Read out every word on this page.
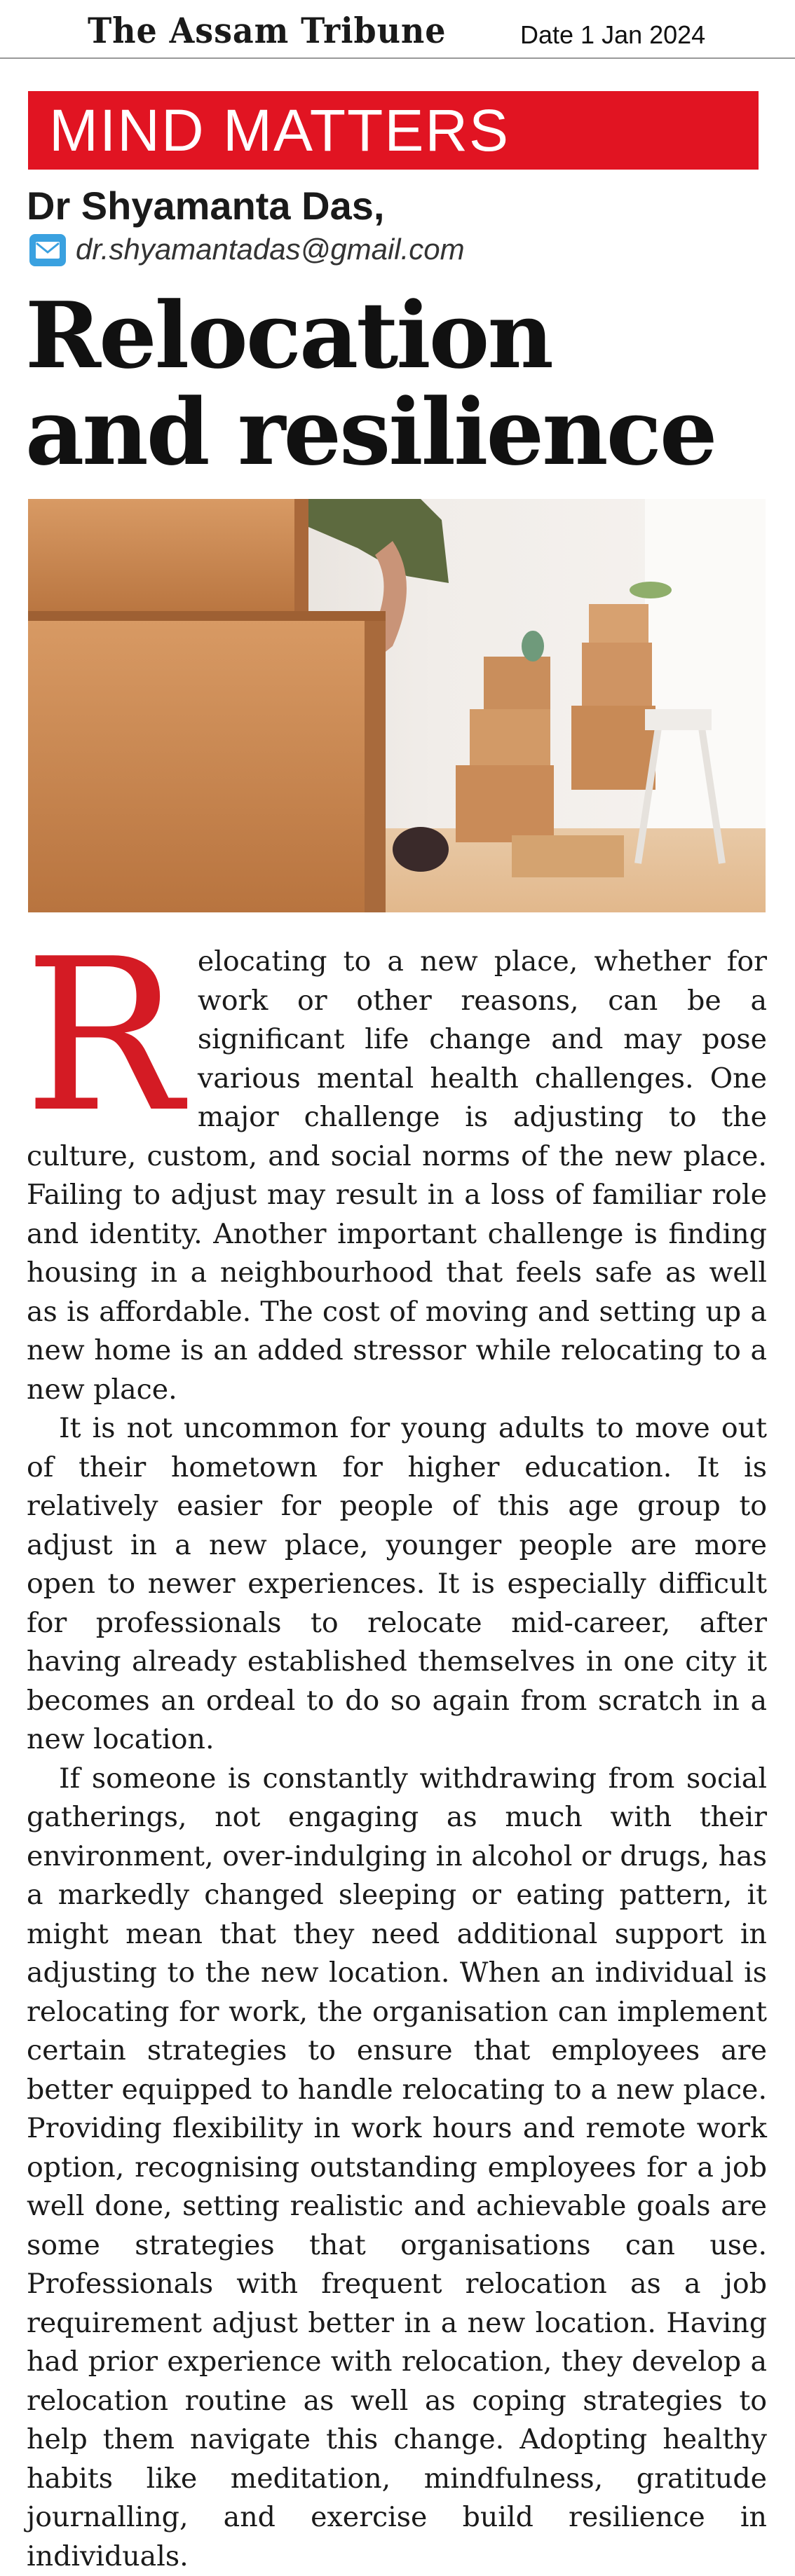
The Assam Tribune	Date 1 Jan 2024
MIND MATTERS
Dr Shyamanta Das,
dr.shyamantadas@gmail.com
Relocation
and resilience

Relocating to a new place, whether for work or other reasons, can be a significant life change and may pose various mental health challenges. One major challenge is adjusting to the culture, custom, and social norms of the new place. Failing to adjust may result in a loss of familiar role and identity. Another important challenge is finding housing in a neighbourhood that feels safe as well as is affordable. The cost of moving and setting up a new home is an added stressor while relocating to a new place.

It is not uncommon for young adults to move out of their hometown for higher education. It is relatively easier for people of this age group to adjust in a new place, younger people are more open to newer experiences. It is especially difficult for professionals to relocate mid-career, after having already established themselves in one city it becomes an ordeal to do so again from scratch in a new location.

If someone is constantly withdrawing from social gatherings, not engaging as much with their environment, over-indulging in alcohol or drugs, has a markedly changed sleeping or eating pattern, it might mean that they need additional support in adjusting to the new location. When an individual is relocating for work, the organisation can implement certain strategies to ensure that employees are better equipped to handle relocating to a new place. Providing flexibility in work hours and remote work option, recognising outstanding employees for a job well done, setting realistic and achievable goals are some strategies that organisations can use. Professionals with frequent relocation as a job requirement adjust better in a new location. Having had prior experience with relocation, they develop a relocation routine as well as coping strategies to help them navigate this change. Adopting healthy habits like meditation, mindfulness, gratitude journalling, and exercise build resilience in individuals.
